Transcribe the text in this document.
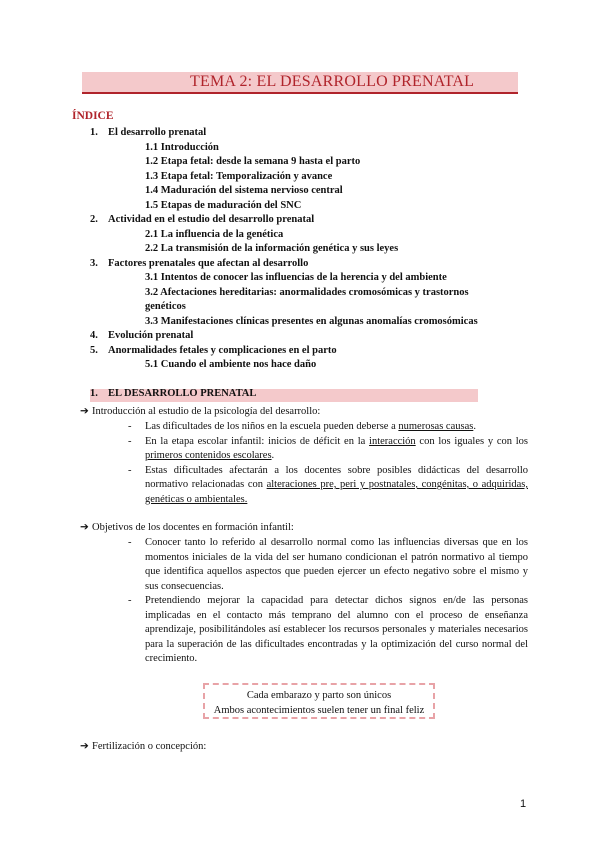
TEMA 2: EL DESARROLLO PRENATAL
ÍNDICE
1. El desarrollo prenatal
1.1 Introducción
1.2 Etapa fetal: desde la semana 9 hasta el parto
1.3 Etapa fetal: Temporalización y avance
1.4 Maduración del sistema nervioso central
1.5 Etapas de maduración del SNC
2. Actividad en el estudio del desarrollo prenatal
2.1 La influencia de la genética
2.2 La transmisión de la información genética y sus leyes
3. Factores prenatales que afectan al desarrollo
3.1 Intentos de conocer las influencias de la herencia y del ambiente
3.2 Afectaciones hereditarias: anormalidades cromosómicas y trastornos
genéticos
3.3 Manifestaciones clínicas presentes en algunas anomalías cromosómicas
4. Evolución prenatal
5. Anormalidades fetales y complicaciones en el parto
5.1 Cuando el ambiente nos hace daño
1. EL DESARROLLO PRENATAL
➔ Introducción al estudio de la psicología del desarrollo:
- Las dificultades de los niños en la escuela pueden deberse a numerosas causas.
- En la etapa escolar infantil: inicios de déficit en la interacción con los iguales y con los primeros contenidos escolares.
- Estas dificultades afectarán a los docentes sobre posibles didácticas del desarrollo normativo relacionadas con alteraciones pre, peri y postnatales, congénitas, o adquiridas, genéticas o ambientales.
➔ Objetivos de los docentes en formación infantil:
- Conocer tanto lo referido al desarrollo normal como las influencias diversas que en los momentos iniciales de la vida del ser humano condicionan el patrón normativo al tiempo que identifica aquellos aspectos que pueden ejercer un efecto negativo sobre el mismo y sus consecuencias.
- Pretendiendo mejorar la capacidad para detectar dichos signos en/de las personas implicadas en el contacto más temprano del alumno con el proceso de enseñanza aprendizaje, posibilitándoles así establecer los recursos personales y materiales necesarios para la superación de las dificultades encontradas y la optimización del curso normal del crecimiento.
Cada embarazo y parto son únicos
Ambos acontecimientos suelen tener un final feliz
➔ Fertilización o concepción:
1
